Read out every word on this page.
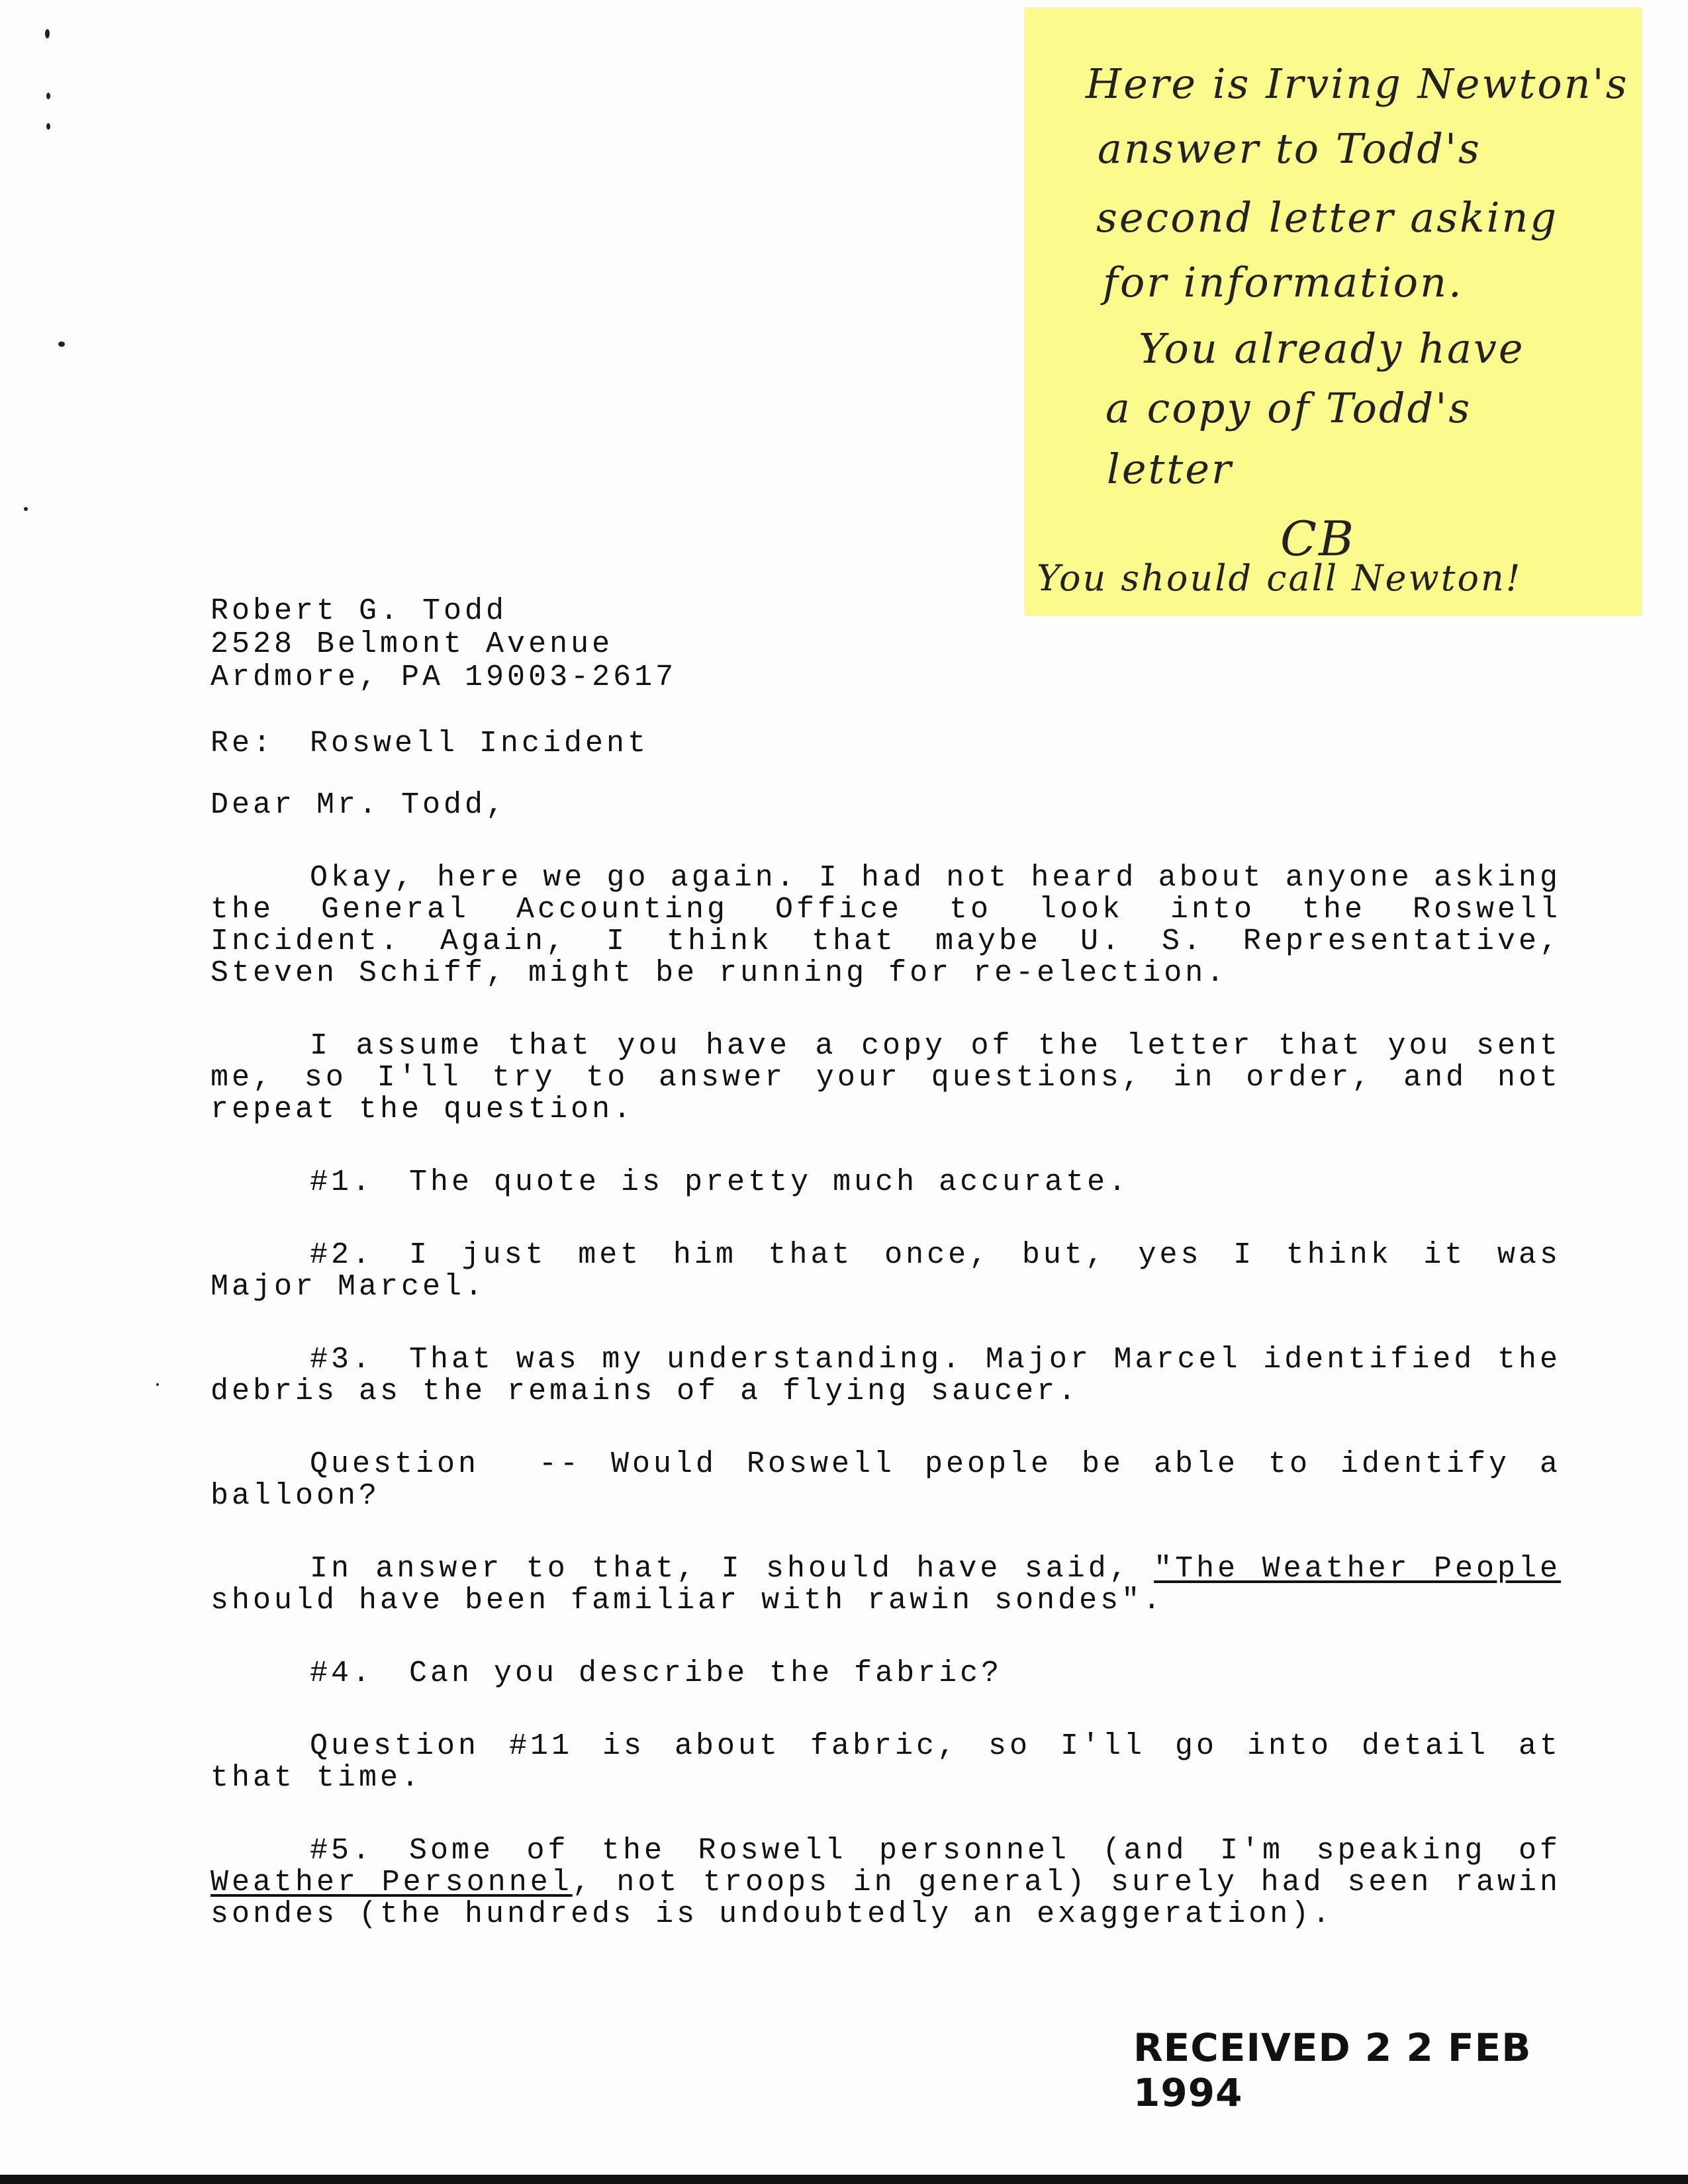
Here is Irving Newton's
answer to Todd's
second letter asking
for information.
You already have
a copy of Todd's
letter
CB
You should call Newton!
Robert G. Todd
2528 Belmont Avenue
Ardmore, PA 19003-2617
Re: Roswell Incident
Dear Mr. Todd,
Okay, here we go again. I had not heard about anyone asking the General Accounting Office to look into the Roswell Incident. Again, I think that maybe U. S. Representative, Steven Schiff, might be running for re-election.
I assume that you have a copy of the letter that you sent me, so I'll try to answer your questions, in order, and not repeat the question.
#1. The quote is pretty much accurate.
#2. I just met him that once, but, yes I think it was Major Marcel.
#3. That was my understanding. Major Marcel identified the debris as the remains of a flying saucer.
Question -- Would Roswell people be able to identify a balloon?
In answer to that, I should have said, "The Weather People should have been familiar with rawin sondes".
#4. Can you describe the fabric?
Question #11 is about fabric, so I'll go into detail at that time.
#5. Some of the Roswell personnel (and I'm speaking of Weather Personnel, not troops in general) surely had seen rawin sondes (the hundreds is undoubtedly an exaggeration).
RECEIVED 2 2 FEB 1994
